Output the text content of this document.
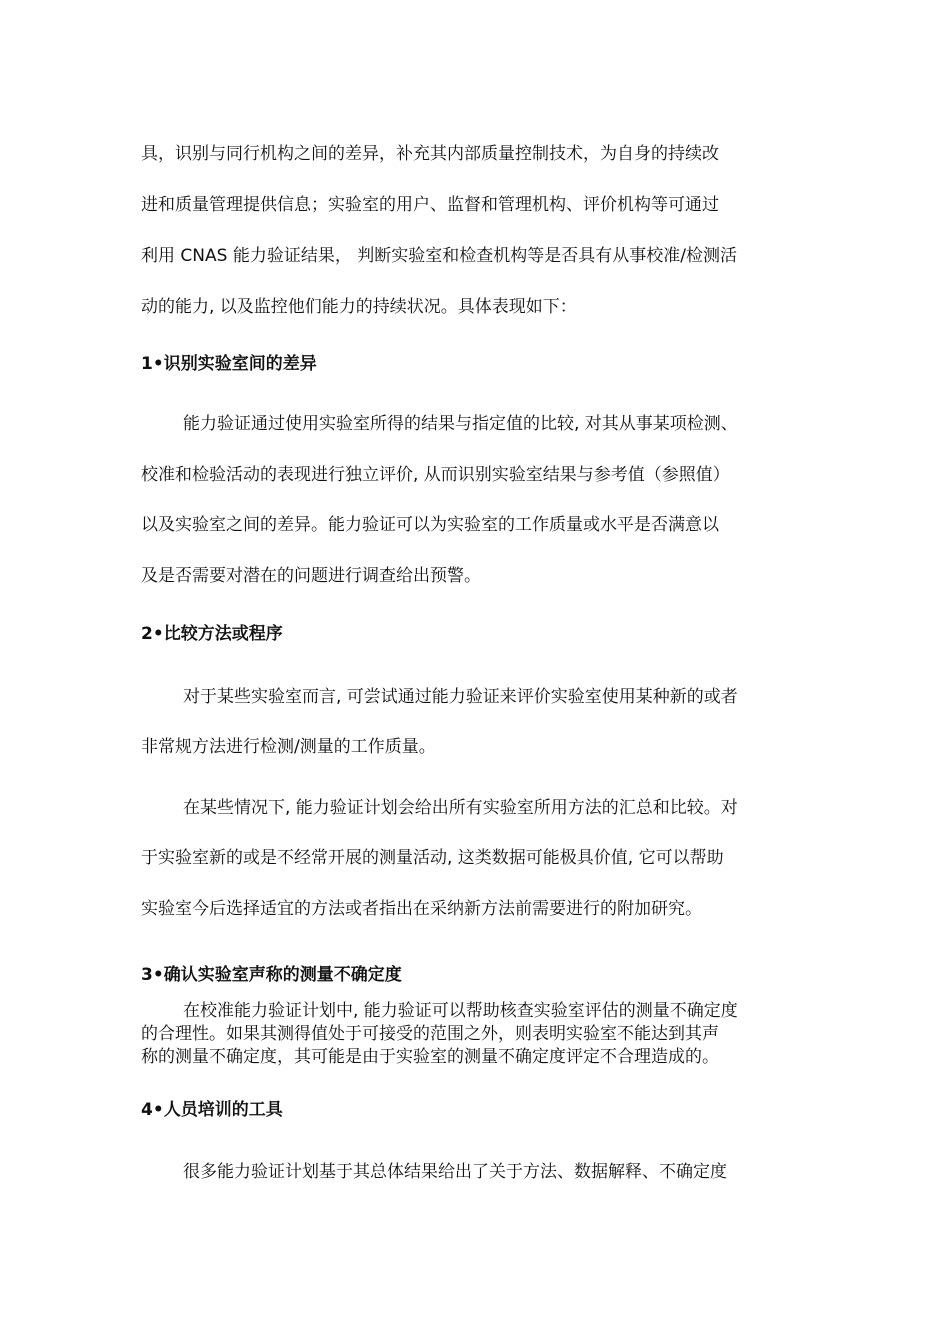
具，识别与同行机构之间的差异，补充其内部质量控制技术，为自身的持续改

进和质量管理提供信息；实验室的用户、监督和管理机构、评价机构等可通过

利用 CNAS 能力验证结果， 判断实验室和检查机构等是否具有从事校准/检测活

动的能力, 以及监控他们能力的持续状况。具体表现如下：

1•识别实验室间的差异

能力验证通过使用实验室所得的结果与指定值的比较, 对其从事某项检测、

校准和检验活动的表现进行独立评价, 从而识别实验室结果与参考值（参照值）

以及实验室之间的差异。能力验证可以为实验室的工作质量或水平是否满意以

及是否需要对潜在的问题进行调查给出预警。

2•比较方法或程序

对于某些实验室而言, 可尝试通过能力验证来评价实验室使用某种新的或者

非常规方法进行检测/测量的工作质量。

在某些情况下, 能力验证计划会给出所有实验室所用方法的汇总和比较。对

于实验室新的或是不经常开展的测量活动, 这类数据可能极具价值, 它可以帮助

实验室今后选择适宜的方法或者指出在采纳新方法前需要进行的附加研究。

3•确认实验室声称的测量不确定度

在校准能力验证计划中, 能力验证可以帮助核查实验室评估的测量不确定度

的合理性。如果其测得值处于可接受的范围之外，则表明实验室不能达到其声

称的测量不确定度，其可能是由于实验室的测量不确定度评定不合理造成的。

4•人员培训的工具

很多能力验证计划基于其总体结果给出了关于方法、数据解释、不确定度
